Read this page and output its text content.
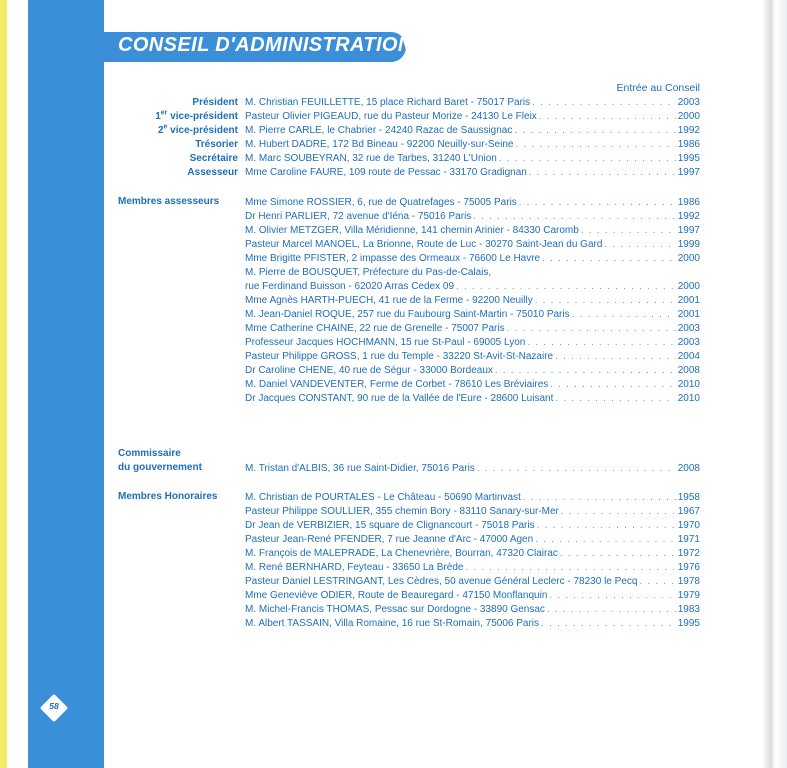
CONSEIL D'ADMINISTRATION
58
Entrée au Conseil
Président M. Christian FEUILLETTE, 15 place Richard Baret - 75017 Paris . . .	2003
1er vice-président Pasteur Olivier PIGEAUD, rue du Pasteur Morize - 24130 Le Fleix . . .	2000
2e vice-président M. Pierre CARLE, le Chabrier - 24240 Razac de Saussignac . . .	1992
Trésorier M. Hubert DADRE, 172 Bd Bineau - 92200 Neuilly-sur-Seine . . .	1986
Secrétaire M. Marc SOUBEYRAN, 32 rue de Tarbes, 31240 L'Union . . .	1995
Assesseur Mme Caroline FAURE, 109 route de Pessac - 33170 Gradignan . . .	1997
Membres assesseurs	Mme Simone ROSSIER, 6, rue de Quatrefages - 75005 Paris . . .	1986
Dr Henri PARLIER, 72 avenue d'Iéna - 75016 Paris . . .	1992
M. Olivier METZGER, Villa Méridienne, 141 chemin Arinier - 84330 Caromb . . .	1997
Pasteur Marcel MANOEL, La Brionne, Route de Luc - 30270 Saint-Jean du Gard . . .	1999
Mme Brigitte PFISTER, 2 impasse des Ormeaux - 76600 Le Havre . . .	2000
M. Pierre de BOUSQUET, Préfecture du Pas-de-Calais,
rue Ferdinand Buisson - 62020 Arras Cedex 09 . . .	2000
Mme Agnès HARTH-PUECH, 41 rue de la Ferme - 92200 Neuilly . . .	2001
M. Jean-Daniel ROQUE, 257 rue du Faubourg Saint-Martin - 75010 Paris . . .	2001
Mme Catherine CHAINE, 22 rue de Grenelle - 75007 Paris . . .	2003
Professeur Jacques HOCHMANN, 15 rue St-Paul - 69005 Lyon . . .	2003
Pasteur Philippe GROSS, 1 rue du Temple - 33220 St-Avit-St-Nazaire . . .	2004
Dr Caroline CHENE, 40 rue de Ségur - 33000 Bordeaux . . .	2008
M. Daniel VANDEVENTER, Ferme de Corbet - 78610 Les Bréviaires . . .	2010
Dr Jacques CONSTANT, 90 rue de la Vallée de l'Eure - 28600 Luisant . . .	2010
Commissaire
du gouvernement	M. Tristan d'ALBIS, 36 rue Saint-Didier, 75016 Paris . . .	2008
Membres Honoraires	M. Christian de POURTALES - Le Château - 50690 Martinvast . . .	1958
Pasteur Philippe SOULLIER, 355 chemin Bory - 83110 Sanary-sur-Mer . . .	1967
Dr Jean de VERBIZIER, 15 square de Clignancourt - 75018 Paris . . .	1970
Pasteur Jean-René PFENDER, 7 rue Jeanne d'Arc - 47000 Agen . . .	1971
M. François de MALEPRADE, La Chenevrière, Bourran, 47320 Clairac . . .	1972
M. René BERNHARD, Feyteau - 33650 La Brède . . .	1976
Pasteur Daniel LESTRINGANT, Les Cèdres, 50 avenue Général Leclerc - 78230 le Pecq . . .	1978
Mme Geneviève ODIER, Route de Beauregard - 47150 Monflanquin . . .	1979
M. Michel-Francis THOMAS, Pessac sur Dordogne - 33890 Gensac . . .	1983
M. Albert TASSAIN, Villa Romaine, 16 rue St-Romain, 75006 Paris . . .	1995
